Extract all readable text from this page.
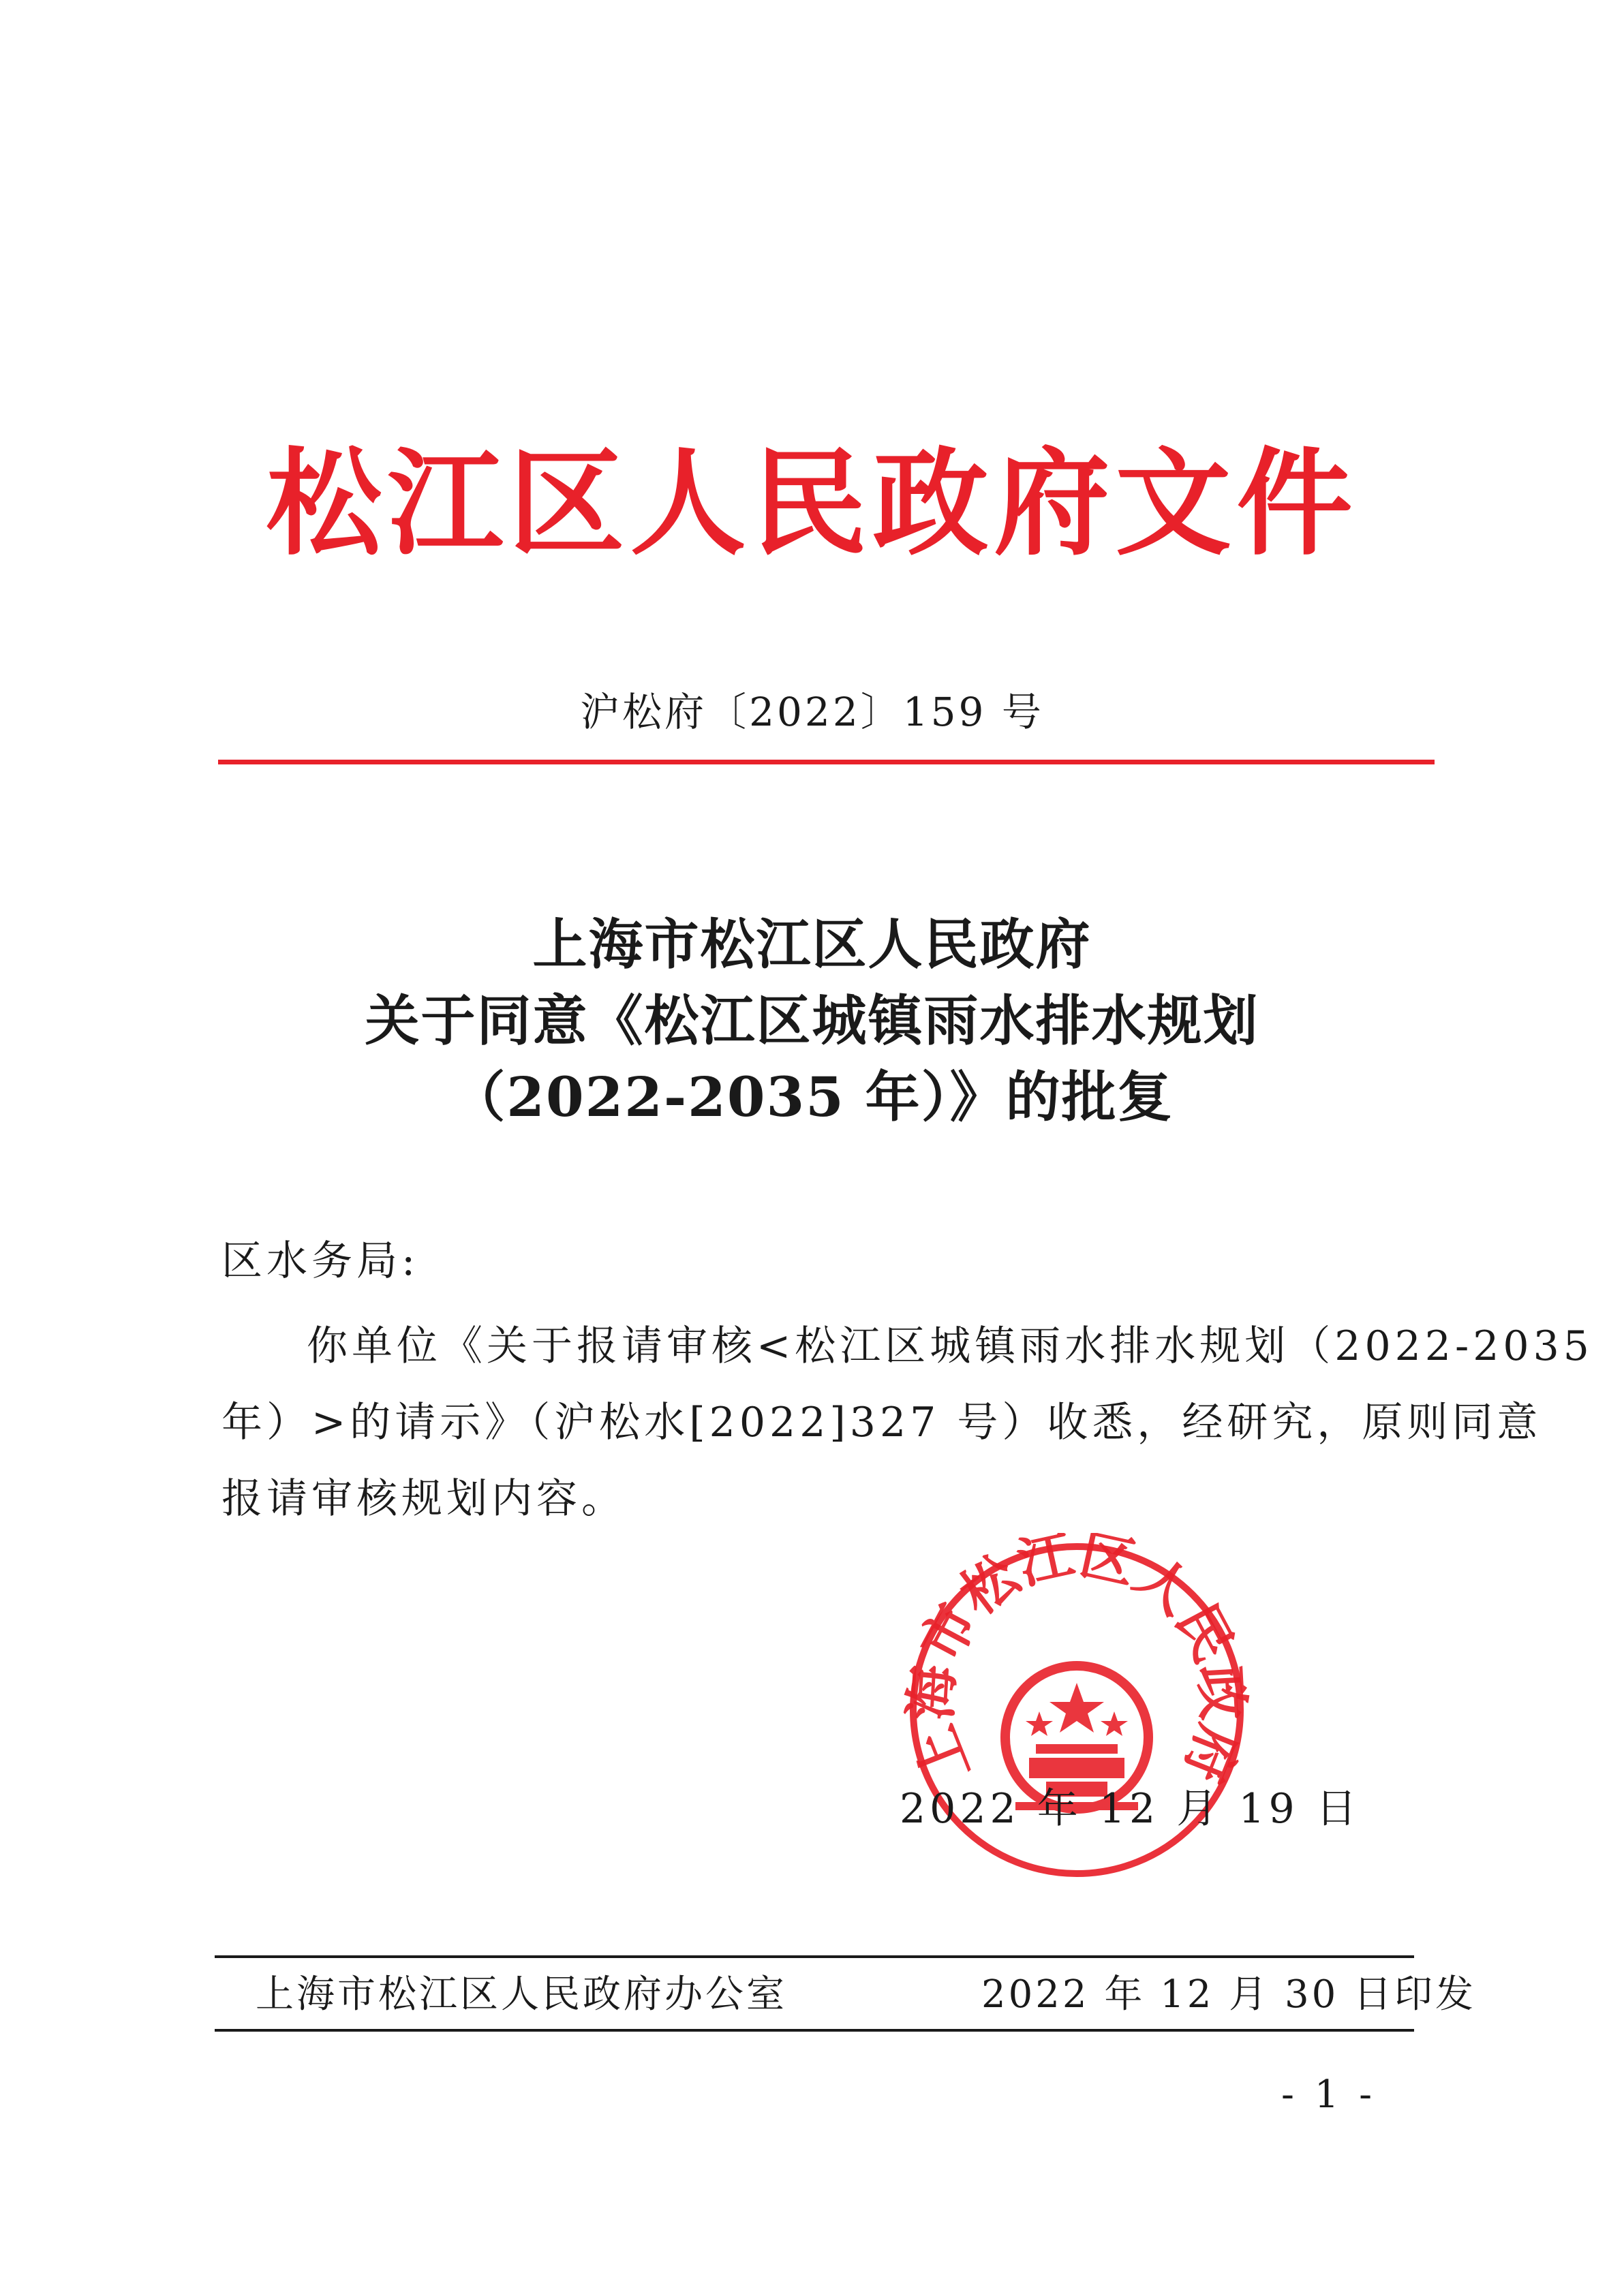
松江区人民政府文件
沪松府〔2022〕159 号
上海市松江区人民政府
关于同意《松江区城镇雨水排水规划
（2022-2035 年）》的批复
区水务局:
你单位《关于报请审核<松江区城镇雨水排水规划（2022-2035
年）>的请示》（沪松水[2022]327 号）收悉，经研究，原则同意
报请审核规划内容。
上海市松江区人民政府
2022 年 12 月 19 日
上海市松江区人民政府办公室	2022 年 12 月 30 日印发
- 1 -
